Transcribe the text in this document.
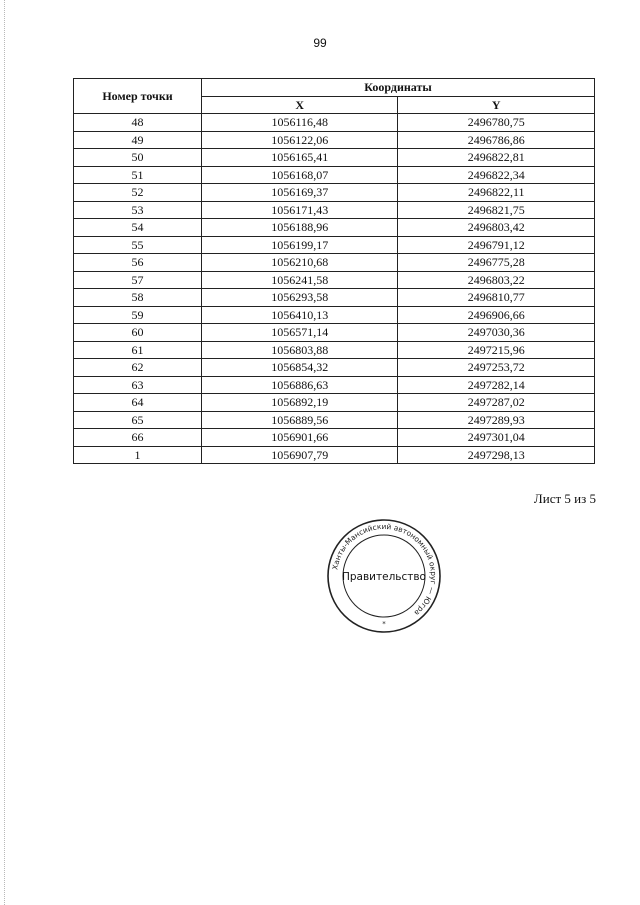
99
Номер точки	Координаты	
	X	Y
48	1056116,48	2496780,75
49	1056122,06	2496786,86
50	1056165,41	2496822,81
51	1056168,07	2496822,34
52	1056169,37	2496822,11
53	1056171,43	2496821,75
54	1056188,96	2496803,42
55	1056199,17	2496791,12
56	1056210,68	2496775,28
57	1056241,58	2496803,22
58	1056293,58	2496810,77
59	1056410,13	2496906,66
60	1056571,14	2497030,36
61	1056803,88	2497215,96
62	1056854,32	2497253,72
63	1056886,63	2497282,14
64	1056892,19	2497287,02
65	1056889,56	2497289,93
66	1056901,66	2497301,04
1	1056907,79	2497298,13
Лист 5 из 5
Ханты-Мансийский автономный округ — Югра
Правительство
*
